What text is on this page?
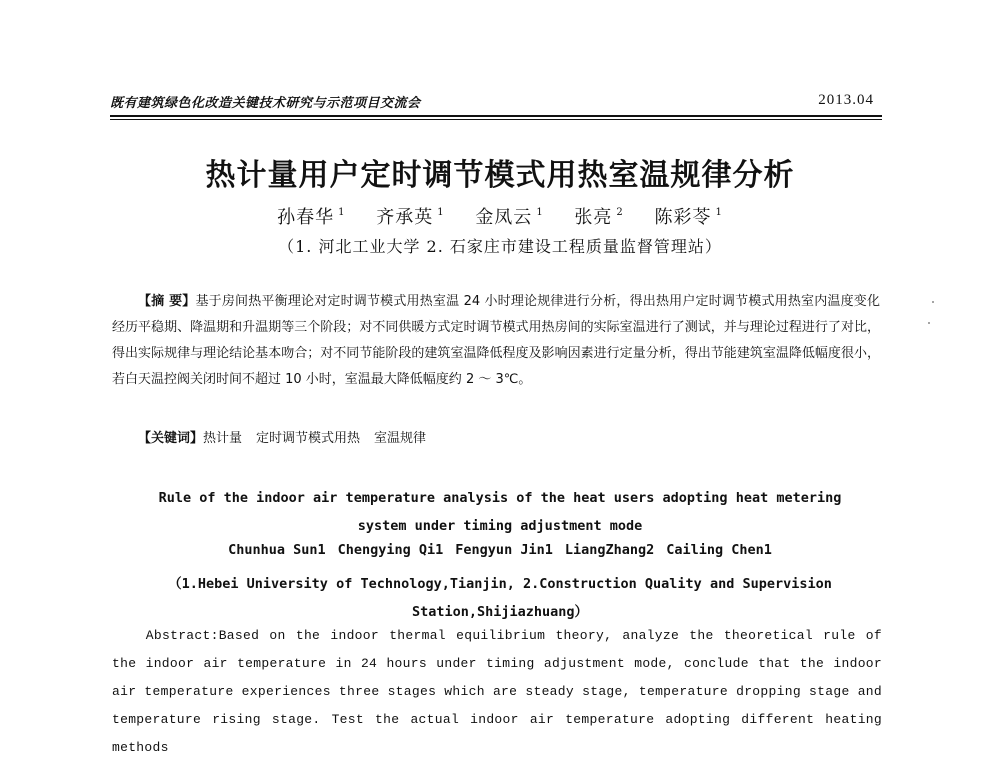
既有建筑绿色化改造关键技术研究与示范项目交流会	2013.04
热计量用户定时调节模式用热室温规律分析
孙春华 $^1$ 齐承英 $^1$ 金凤云 $^1$ 张亮 $^2$ 陈彩苓 $^1$
（1. 河北工业大学 2. 石家庄市建设工程质量监督管理站）
【摘 要】基于房间热平衡理论对定时调节模式用热室温 24 小时理论规律进行分析，得出热用户定时调节模式用热室内温度变化经历平稳期、降温期和升温期等三个阶段；对不同供暖方式定时调节模式用热房间的实际室温进行了测试，并与理论过程进行了对比，得出实际规律与理论结论基本吻合；对不同节能阶段的建筑室温降低程度及影响因素进行定量分析，得出节能建筑室温降低幅度很小，若白天温控阀关闭时间不超过 10 小时，室温最大降低幅度约 2 ～ 3℃。
【关键词】热计量 定时调节模式用热 室温规律
Rule of the indoor air temperature analysis of the heat users adopting heat metering
system under timing adjustment mode
Chunhua Sun1 Chengying Qi1 Fengyun Jin1 LiangZhang2 Cailing Chen1
（1.Hebei University of Technology,Tianjin, 2.Construction Quality and Supervision
Station,Shijiazhuang）
Abstract:Based on the indoor thermal equilibrium theory, analyze the theoretical rule of the indoor air temperature in 24 hours under timing adjustment mode, conclude that the indoor air temperature experiences three stages which are steady stage, temperature dropping stage and temperature rising stage. Test the actual indoor air temperature adopting different heating methods
